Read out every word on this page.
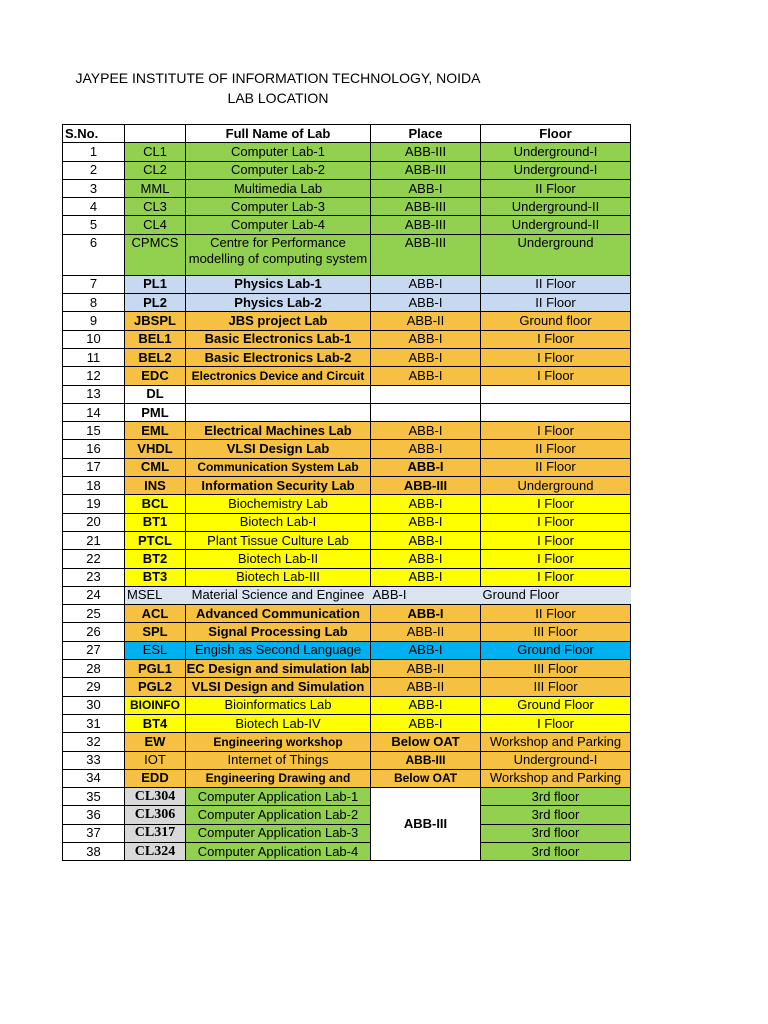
JAYPEE INSTITUTE OF INFORMATION TECHNOLOGY, NOIDA
LAB LOCATION
S.No.		Full Name of Lab	Place	Floor
1	CL1	Computer Lab-1	ABB-III	Underground-I
2	CL2	Computer Lab-2	ABB-III	Underground-I
3	MML	Multimedia Lab	ABB-I	II Floor
4	CL3	Computer Lab-3	ABB-III	Underground-II
5	CL4	Computer Lab-4	ABB-III	Underground-II
6	CPMCS	Centre for Performance modelling of computing system	ABB-III	Underground
7	PL1	Physics Lab-1	ABB-I	II Floor
8	PL2	Physics Lab-2	ABB-I	II Floor
9	JBSPL	JBS project Lab	ABB-II	Ground floor
10	BEL1	Basic Electronics Lab-1	ABB-I	I Floor
11	BEL2	Basic Electronics Lab-2	ABB-I	I Floor
12	EDC	Electronics Device and Circuit	ABB-I	I Floor
13	DL			
14	PML			
15	EML	Electrical Machines Lab	ABB-I	I Floor
16	VHDL	VLSI Design Lab	ABB-I	II Floor
17	CML	Communication System Lab	ABB-I	II Floor
18	INS	Information Security Lab	ABB-III	Underground
19	BCL	Biochemistry Lab	ABB-I	I Floor
20	BT1	Biotech Lab-I	ABB-I	I Floor
21	PTCL	Plant Tissue Culture Lab	ABB-I	I Floor
22	BT2	Biotech Lab-II	ABB-I	I Floor
23	BT3	Biotech Lab-III	ABB-I	I Floor
24	MSEL	Material Science and Enginee	ABB-I	Ground Floor
25	ACL	Advanced Communication	ABB-I	II Floor
26	SPL	Signal Processing Lab	ABB-II	III Floor
27	ESL	Engish as Second Language	ABB-I	Ground Floor
28	PGL1	EC Design and simulation lab	ABB-II	III Floor
29	PGL2	VLSI Design and Simulation	ABB-II	III Floor
30	BIOINFO	Bioinformatics Lab	ABB-I	Ground Floor
31	BT4	Biotech Lab-IV	ABB-I	I Floor
32	EW	Engineering workshop	Below OAT	Workshop and Parking
33	IOT	Internet of Things	ABB-III	Underground-I
34	EDD	Engineering Drawing and	Below OAT	Workshop and Parking
35	CL304	Computer Application Lab-1	ABB-III	3rd floor
36	CL306	Computer Application Lab-2		3rd floor
37	CL317	Computer Application Lab-3		3rd floor
38	CL324	Computer Application Lab-4		3rd floor
